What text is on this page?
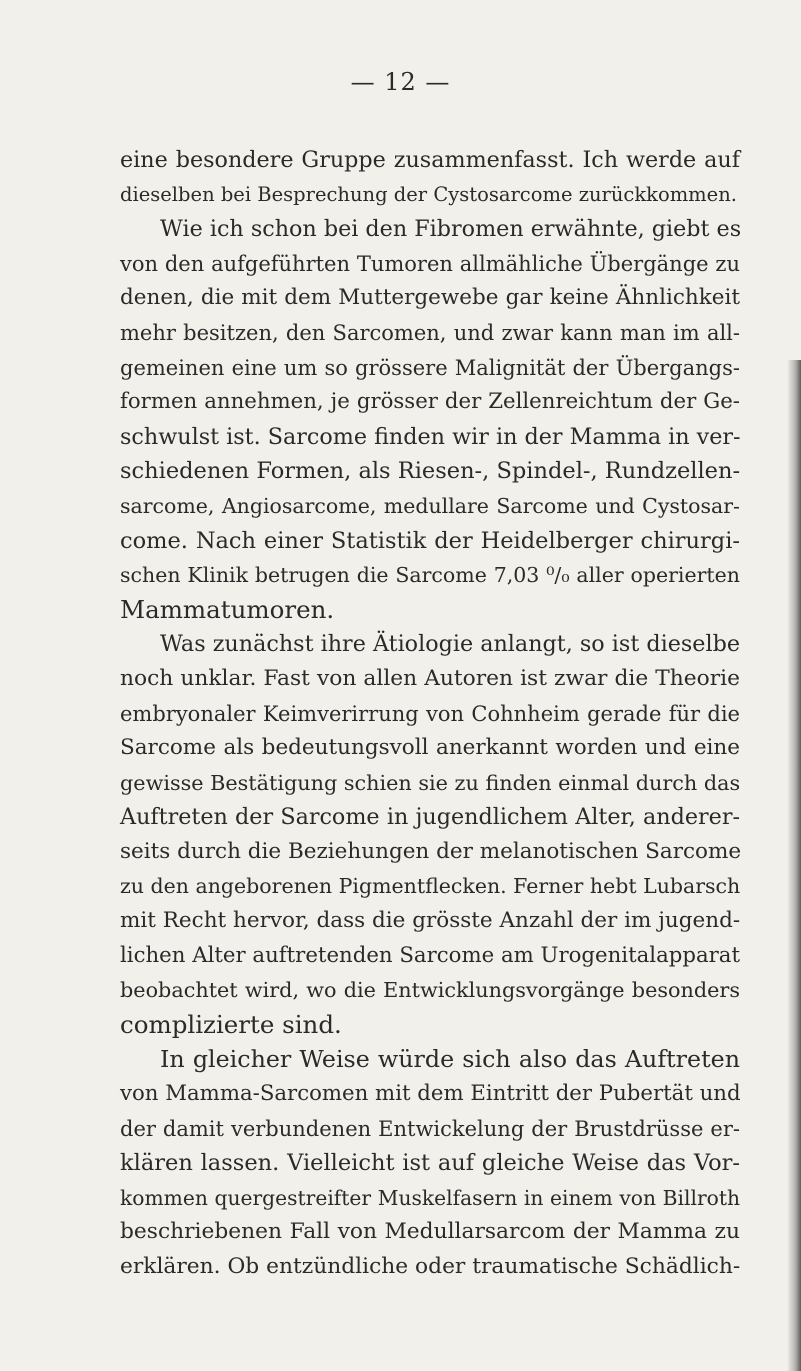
— 12 —
eine besondere Gruppe zusammenfasst. Ich werde auf
dieselben bei Besprechung der Cystosarcome zurückkommen.
Wie ich schon bei den Fibromen erwähnte, giebt es
von den aufgeführten Tumoren allmähliche Übergänge zu
denen, die mit dem Muttergewebe gar keine Ähnlichkeit
mehr besitzen, den Sarcomen, und zwar kann man im all-
gemeinen eine um so grössere Malignität der Übergangs-
formen annehmen, je grösser der Zellenreichtum der Ge-
schwulst ist. Sarcome finden wir in der Mamma in ver-
schiedenen Formen, als Riesen-, Spindel-, Rundzellen-
sarcome, Angiosarcome, medullare Sarcome und Cystosar-
come. Nach einer Statistik der Heidelberger chirurgi-
schen Klinik betrugen die Sarcome 7,03 ⁰/₀ aller operierten
Mammatumoren.
Was zunächst ihre Ätiologie anlangt, so ist dieselbe
noch unklar. Fast von allen Autoren ist zwar die Theorie
embryonaler Keimverirrung von Cohnheim gerade für die
Sarcome als bedeutungsvoll anerkannt worden und eine
gewisse Bestätigung schien sie zu finden einmal durch das
Auftreten der Sarcome in jugendlichem Alter, anderer-
seits durch die Beziehungen der melanotischen Sarcome
zu den angeborenen Pigmentflecken. Ferner hebt Lubarsch
mit Recht hervor, dass die grösste Anzahl der im jugend-
lichen Alter auftretenden Sarcome am Urogenitalapparat
beobachtet wird, wo die Entwicklungsvorgänge besonders
complizierte sind.
In gleicher Weise würde sich also das Auftreten
von Mamma-Sarcomen mit dem Eintritt der Pubertät und
der damit verbundenen Entwickelung der Brustdrüsse er-
klären lassen. Vielleicht ist auf gleiche Weise das Vor-
kommen quergestreifter Muskelfasern in einem von Billroth
beschriebenen Fall von Medullarsarcom der Mamma zu
erklären. Ob entzündliche oder traumatische Schädlich-
